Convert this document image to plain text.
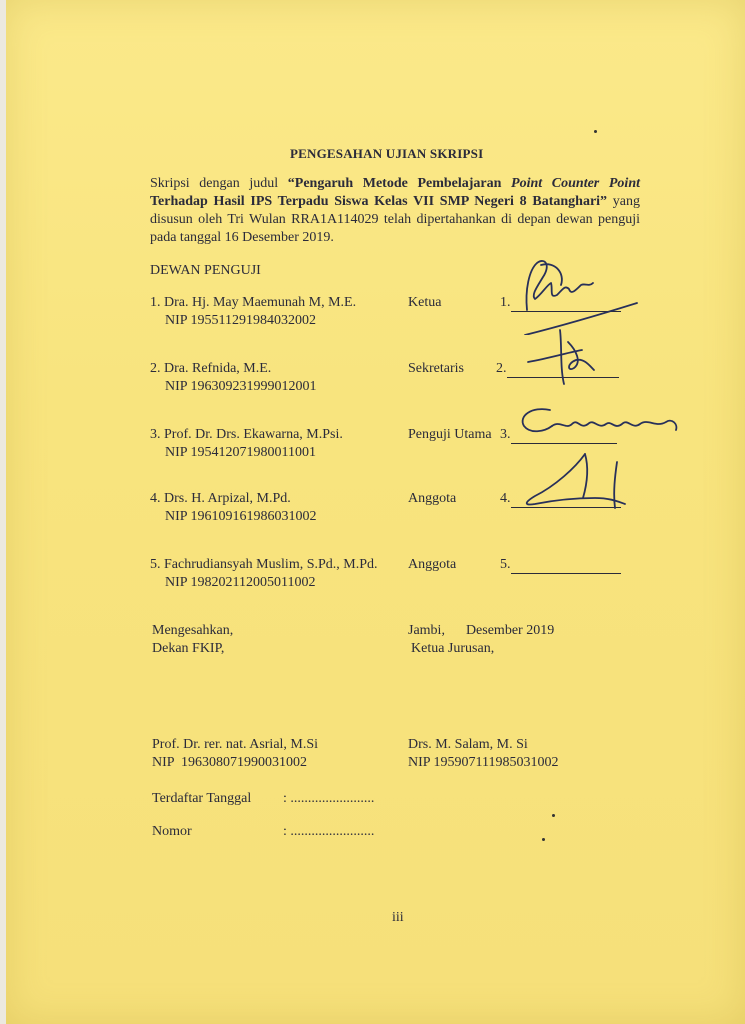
PENGESAHAN UJIAN SKRIPSI
Skripsi dengan judul “Pengaruh Metode Pembelajaran Point Counter Point Terhadap Hasil IPS Terpadu Siswa Kelas VII SMP Negeri 8 Batanghari” yang disusun oleh Tri Wulan RRA1A114029 telah dipertahankan di depan dewan penguji pada tanggal 16 Desember 2019.
DEWAN PENGUJI
1. Dra. Hj. May Maemunah M, M.E.
NIP 195511291984032002
Ketua	1.
2. Dra. Refnida, M.E.
NIP 196309231999012001
Sekretaris 2.
3. Prof. Dr. Drs. Ekawarna, M.Psi.
NIP 195412071980011001
Penguji Utama 3.
4. Drs. H. Arpizal, M.Pd.
NIP 196109161986031002
Anggota	4.
5. Fachrudiansyah Muslim, S.Pd., M.Pd.
NIP 198202112005011002
Anggota	5.
Mengesahkan,
Dekan FKIP,
Jambi,      Desember 2019
Ketua Jurusan,
Prof. Dr. rer. nat. Asrial, M.Si
NIP  196308071990031002
Drs. M. Salam, M. Si
NIP 195907111985031002
Terdaftar Tanggal : ........................
Nomor	: ........................
iii
